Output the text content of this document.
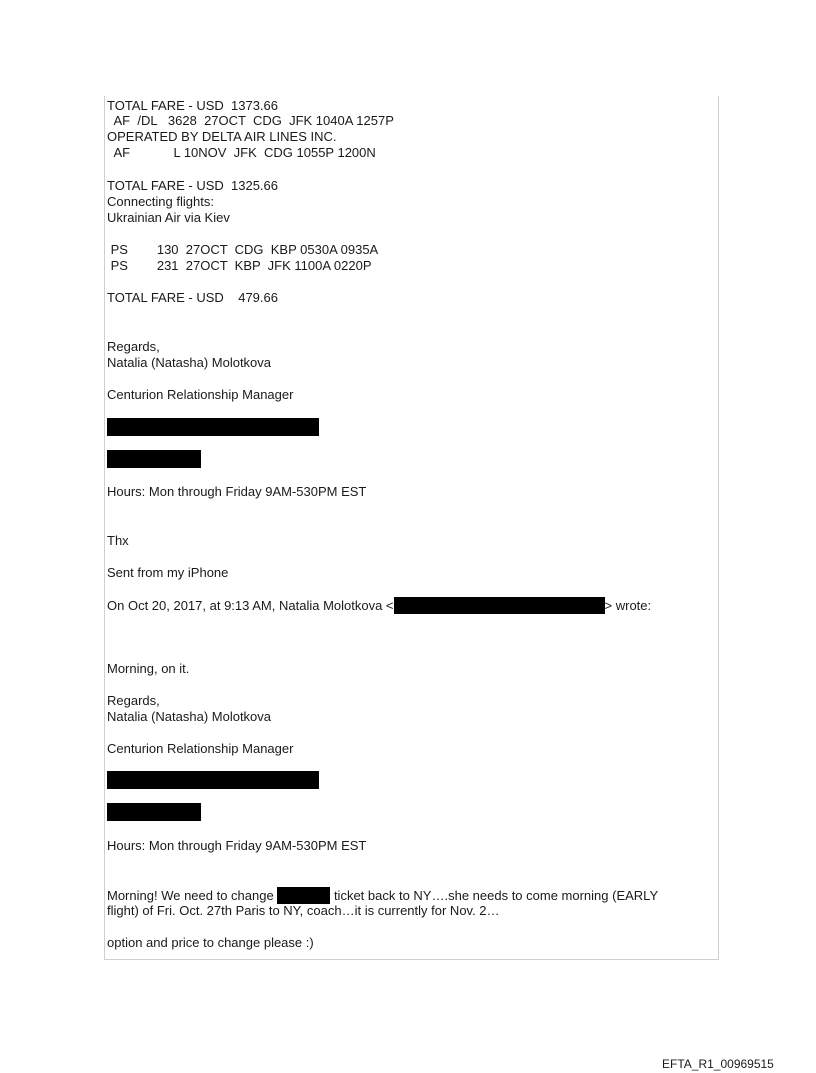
TOTAL FARE - USD  1373.66
AF  /DL   3628  27OCT  CDG  JFK 1040A 1257P
OPERATED BY DELTA AIR LINES INC.
AF            L 10NOV  JFK  CDG 1055P 1200N
TOTAL FARE - USD  1325.66
Connecting flights:
Ukrainian Air via Kiev
PS        130  27OCT  CDG  KBP 0530A 0935A
PS        231  27OCT  KBP  JFK 1100A 0220P
TOTAL FARE - USD    479.66
Regards,
Natalia (Natasha) Molotkova
Centurion Relationship Manager
Hours: Mon through Friday 9AM-530PM EST
Thx
Sent from my iPhone
On Oct 20, 2017, at 9:13 AM, Natalia Molotkova <	> wrote:
Morning, on it.
Regards,
Natalia (Natasha) Molotkova
Centurion Relationship Manager
Hours: Mon through Friday 9AM-530PM EST
Morning! We need to change	ticket back to NY….she needs to come morning (EARLY
flight) of Fri. Oct. 27th Paris to NY, coach…it is currently for Nov. 2…
option and price to change please :)
EFTA_R1_00969515
